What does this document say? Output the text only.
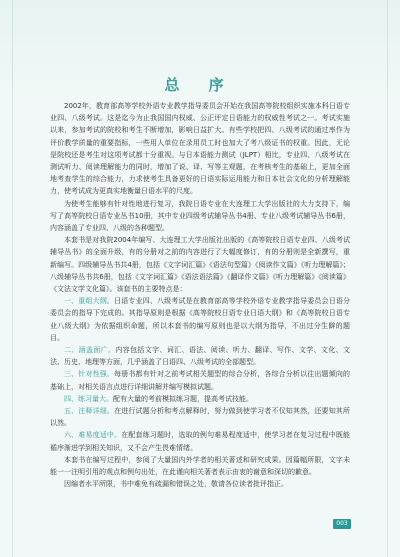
总 序

2002年，教育部高等学校外语专业教学指导委员会开始在我国高等院校组织实施本科日语专业四、八级考试。这是迄今为止我国国内权威、公正评定日语能力的权威性考试之一。考试实施以来，参加考试的院校和考生不断增加，影响日益扩大。有些学校把四、八级考试的通过率作为评价教学质量的重要指标，一些用人单位在录用员工时也加大了考八级证书的权重。因此，无论是院校还是考生对这项考试都十分重视。与日本语能力测试（JLPT）相比，专业四、八级考试在测试听力、阅读理解能力的同时，增加了说、译、写等主观题，在考核考生的基础上，更加全面地考查学生的综合能力，力求使考生具备更好的日语实际运用能力和日本社会文化的分析理解能力，使考试成为更真实地衡量日语水平的尺度。

为使考生能够有针对性地进行复习，我院日语专业在大连理工大学出版社的大力支持下，编写了高等院校日语专业丛书10册，其中专业四级考试辅导丛书4册、专业八级考试辅导丛书6册，内容涵盖了专业四、八级的各种题型。

本套书是对我院2004年编写、大连理工大学出版社出版的《高等院校日语专业四、八级考试辅导丛书》的全面升级，有的分册对之前的内容进行了大幅度修订，有的分册则是全新撰写，重新编写。四级辅导丛书共4册，包括《文字词汇篇》《语法句型篇》《阅读作文篇》《听力理解篇》；八级辅导丛书共6册，包括《文字词汇篇》《语法语法篇》《翻译作文篇》《听力理解篇》《阅读篇》《文法文学文化篇》。该套书的主要特点是：

一、重组大纲。日语专业四、八级考试是在教育部高等学校外语专业教学指导委员会日语分委员会的指导下完成的。其指导原则是根据《高等院校日语专业日语大纲》和《高等院校日语专业八级大纲》为依据组织命题，所以本套书的编写原则也是以大纲为指导，不出过分生僻的题目。

二、涵盖面广。内容包括文字、词汇、语法、阅读、听力、翻译、写作、文学、文化、文法、历史、地理等方面，几乎涵盖了日语四、八级考试的全部题型。

三、针对性强。每册书都有针对之前考试相关题型的综合分析，各综合分析以往出题倾向的基础上，对相关语言点进行详细讲解并编写模拟试题。

四、练习量大。配有大量的考前模拟练习题，提高考试技能。

五、注释详细。在进行试题分析和考点解释时，努力做到使学习者不仅知其然，还要知其所以然。

六、难易度适中。在配套练习题时，选取的例句难易程度适中，使学习者在复习过程中既能循序渐进学到相关知识，又不会产生畏难情绪。

本套书在编写过程中，参阅了大量国内外学者的相关著述和研究成果。因篇幅所限，文字未能一一注明引用的观点和例句出处，在此谨向相关著者表示由衷的谢意和深切的歉意。

因编者水平所限，书中难免有疏漏和错误之处，敬请各位读者批评指正。

003
